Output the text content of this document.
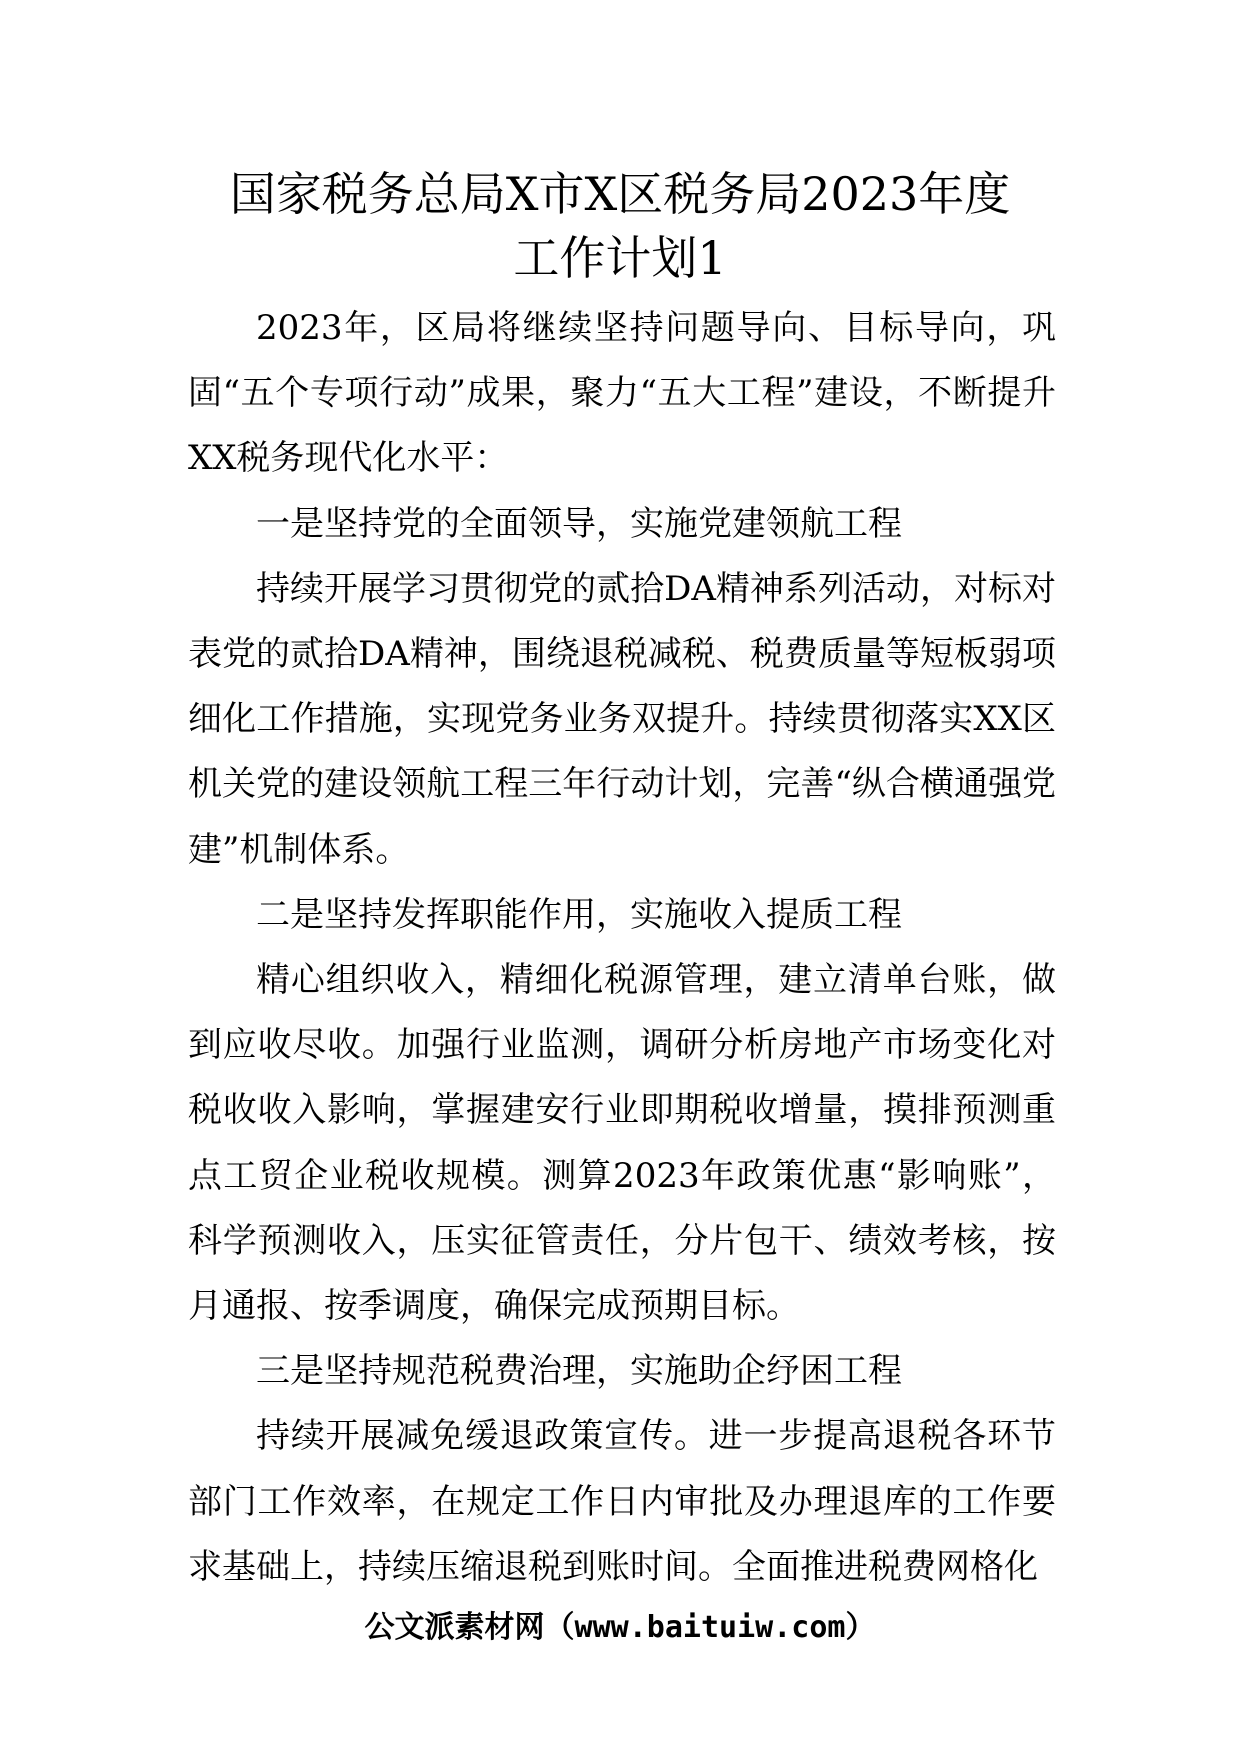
国家税务总局X市X区税务局2023年度
工作计划1

2023年，区局将继续坚持问题导向、目标导向，巩固“五个专项行动”成果，聚力“五大工程”建设，不断提升XX税务现代化水平：

一是坚持党的全面领导，实施党建领航工程

持续开展学习贯彻党的贰拾DA精神系列活动，对标对表党的贰拾DA精神，围绕退税减税、税费质量等短板弱项细化工作措施，实现党务业务双提升。持续贯彻落实XX区机关党的建设领航工程三年行动计划，完善“纵合横通强党建”机制体系。

二是坚持发挥职能作用，实施收入提质工程

精心组织收入，精细化税源管理，建立清单台账，做到应收尽收。加强行业监测，调研分析房地产市场变化对税收收入影响，掌握建安行业即期税收增量，摸排预测重点工贸企业税收规模。测算2023年政策优惠“影响账”，科学预测收入，压实征管责任，分片包干、绩效考核，按月通报、按季调度，确保完成预期目标。

三是坚持规范税费治理，实施助企纾困工程

持续开展减免缓退政策宣传。进一步提高退税各环节部门工作效率，在规定工作日内审批及办理退库的工作要求基础上，持续压缩退税到账时间。全面推进税费网格化

公文派素材网（www.baituiw.com）
